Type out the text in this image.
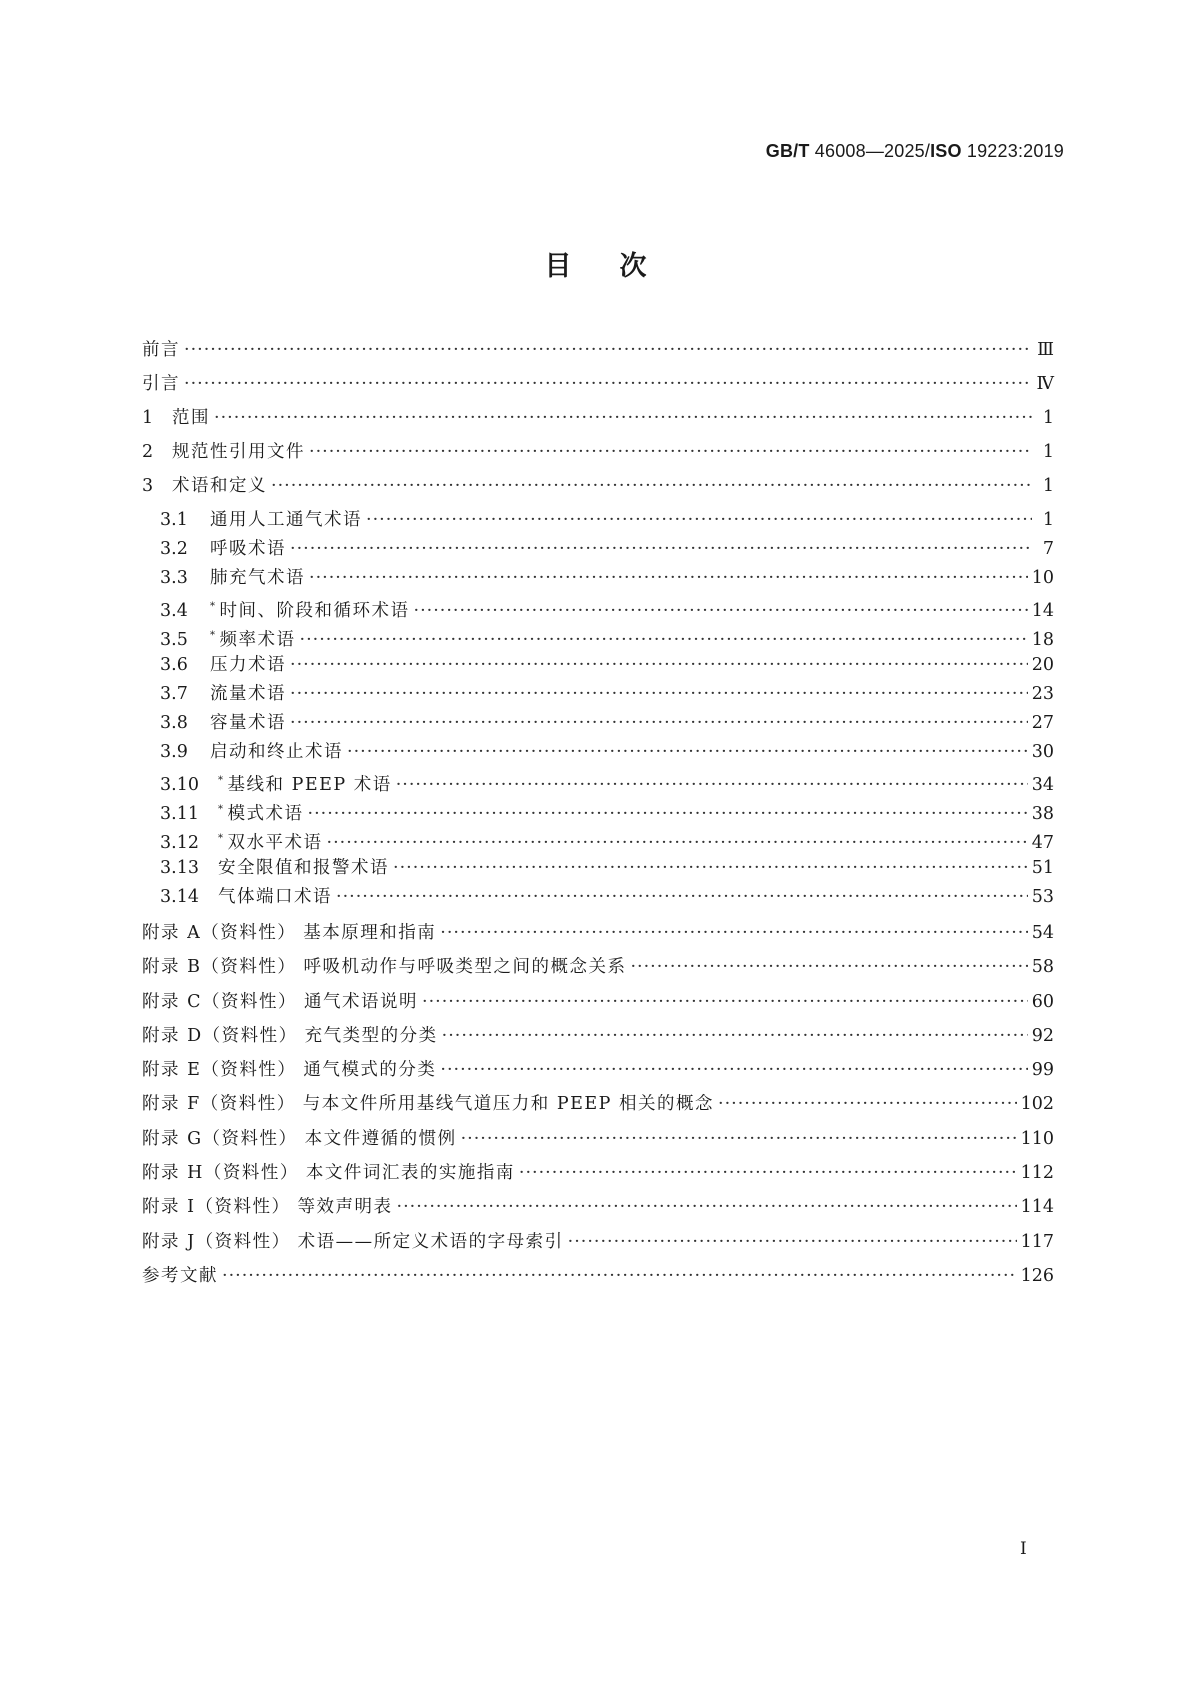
GB/T 46008—2025/ISO 19223:2019
目次
前言 ·····	Ⅲ
引言 ·····	Ⅳ
1	范围 ·····	1
2	规范性引用文件 ·····	1
3	术语和定义 ·····	1
3.1	通用人工通气术语 ·····	1
3.2	呼吸术语 ·····	7
3.3	肺充气术语 ·····	10
3.4	* 时间、阶段和循环术语 ·····	14
3.5	* 频率术语 ·····	18
3.6	压力术语 ·····	20
3.7	流量术语 ·····	23
3.8	容量术语 ·····	27
3.9	启动和终止术语 ·····	30
3.10	* 基线和 PEEP 术语 ·····	34
3.11	* 模式术语 ·····	38
3.12	* 双水平术语 ·····	47
3.13	安全限值和报警术语 ·····	51
3.14	气体端口术语 ·····	53
附录 A（资料性） 基本原理和指南 ·····	54
附录 B（资料性） 呼吸机动作与呼吸类型之间的概念关系 ·····	58
附录 C（资料性） 通气术语说明 ·····	60
附录 D（资料性） 充气类型的分类 ·····	92
附录 E（资料性） 通气模式的分类 ·····	99
附录 F（资料性） 与本文件所用基线气道压力和 PEEP 相关的概念 ·····	102
附录 G（资料性） 本文件遵循的惯例 ·····	110
附录 H（资料性） 本文件词汇表的实施指南 ·····	112
附录 I（资料性） 等效声明表 ·····	114
附录 J（资料性） 术语——所定义术语的字母索引 ·····	117
参考文献 ·····	126
I
